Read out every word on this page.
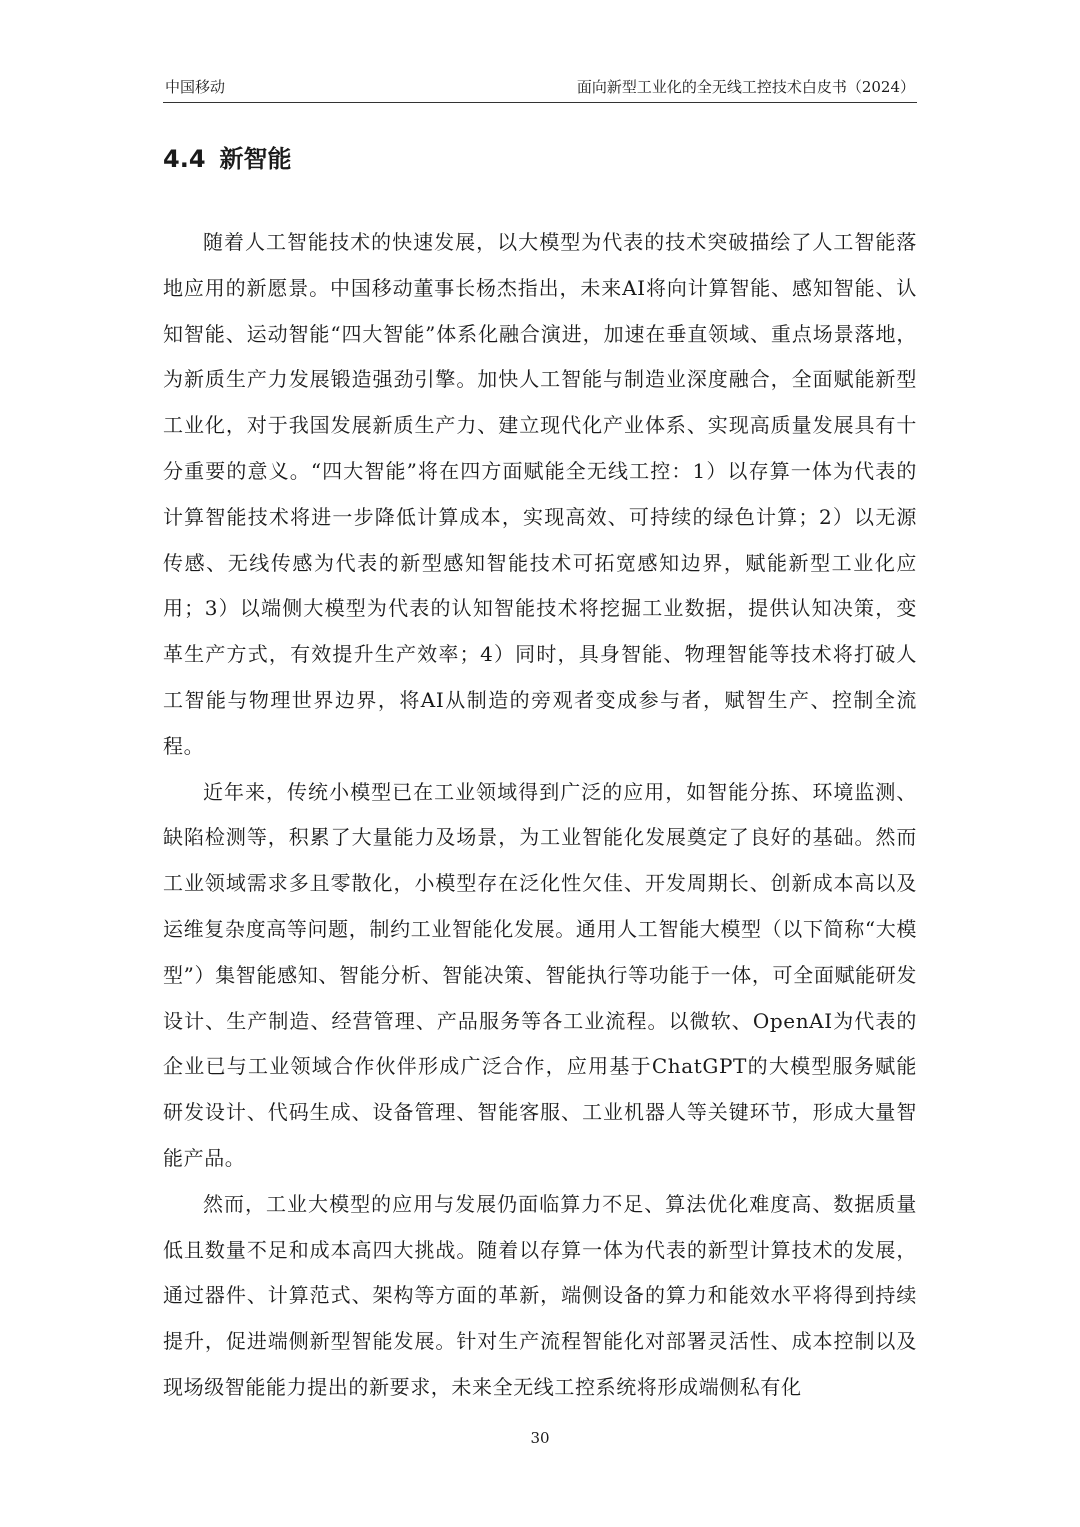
中国移动	面向新型工业化的全无线工控技术白皮书（2024）
4.4 新智能

随着人工智能技术的快速发展，以大模型为代表的技术突破描绘了人工智能落地应用的新愿景。中国移动董事长杨杰指出，未来AI将向计算智能、感知智能、认知智能、运动智能“四大智能”体系化融合演进，加速在垂直领域、重点场景落地，为新质生产力发展锻造强劲引擎。加快人工智能与制造业深度融合，全面赋能新型工业化，对于我国发展新质生产力、建立现代化产业体系、实现高质量发展具有十分重要的意义。“四大智能”将在四方面赋能全无线工控：1）以存算一体为代表的计算智能技术将进一步降低计算成本，实现高效、可持续的绿色计算；2）以无源传感、无线传感为代表的新型感知智能技术可拓宽感知边界，赋能新型工业化应用；3）以端侧大模型为代表的认知智能技术将挖掘工业数据，提供认知决策，变革生产方式，有效提升生产效率；4）同时，具身智能、物理智能等技术将打破人工智能与物理世界边界，将AI从制造的旁观者变成参与者，赋智生产、控制全流程。

近年来，传统小模型已在工业领域得到广泛的应用，如智能分拣、环境监测、缺陷检测等，积累了大量能力及场景，为工业智能化发展奠定了良好的基础。然而工业领域需求多且零散化，小模型存在泛化性欠佳、开发周期长、创新成本高以及运维复杂度高等问题，制约工业智能化发展。通用人工智能大模型（以下简称“大模型”）集智能感知、智能分析、智能决策、智能执行等功能于一体，可全面赋能研发设计、生产制造、经营管理、产品服务等各工业流程。以微软、OpenAI为代表的企业已与工业领域合作伙伴形成广泛合作，应用基于ChatGPT的大模型服务赋能研发设计、代码生成、设备管理、智能客服、工业机器人等关键环节，形成大量智能产品。

然而，工业大模型的应用与发展仍面临算力不足、算法优化难度高、数据质量低且数量不足和成本高四大挑战。随着以存算一体为代表的新型计算技术的发展，通过器件、计算范式、架构等方面的革新，端侧设备的算力和能效水平将得到持续提升，促进端侧新型智能发展。针对生产流程智能化对部署灵活性、成本控制以及现场级智能能力提出的新要求，未来全无线工控系统将形成端侧私有化

30
